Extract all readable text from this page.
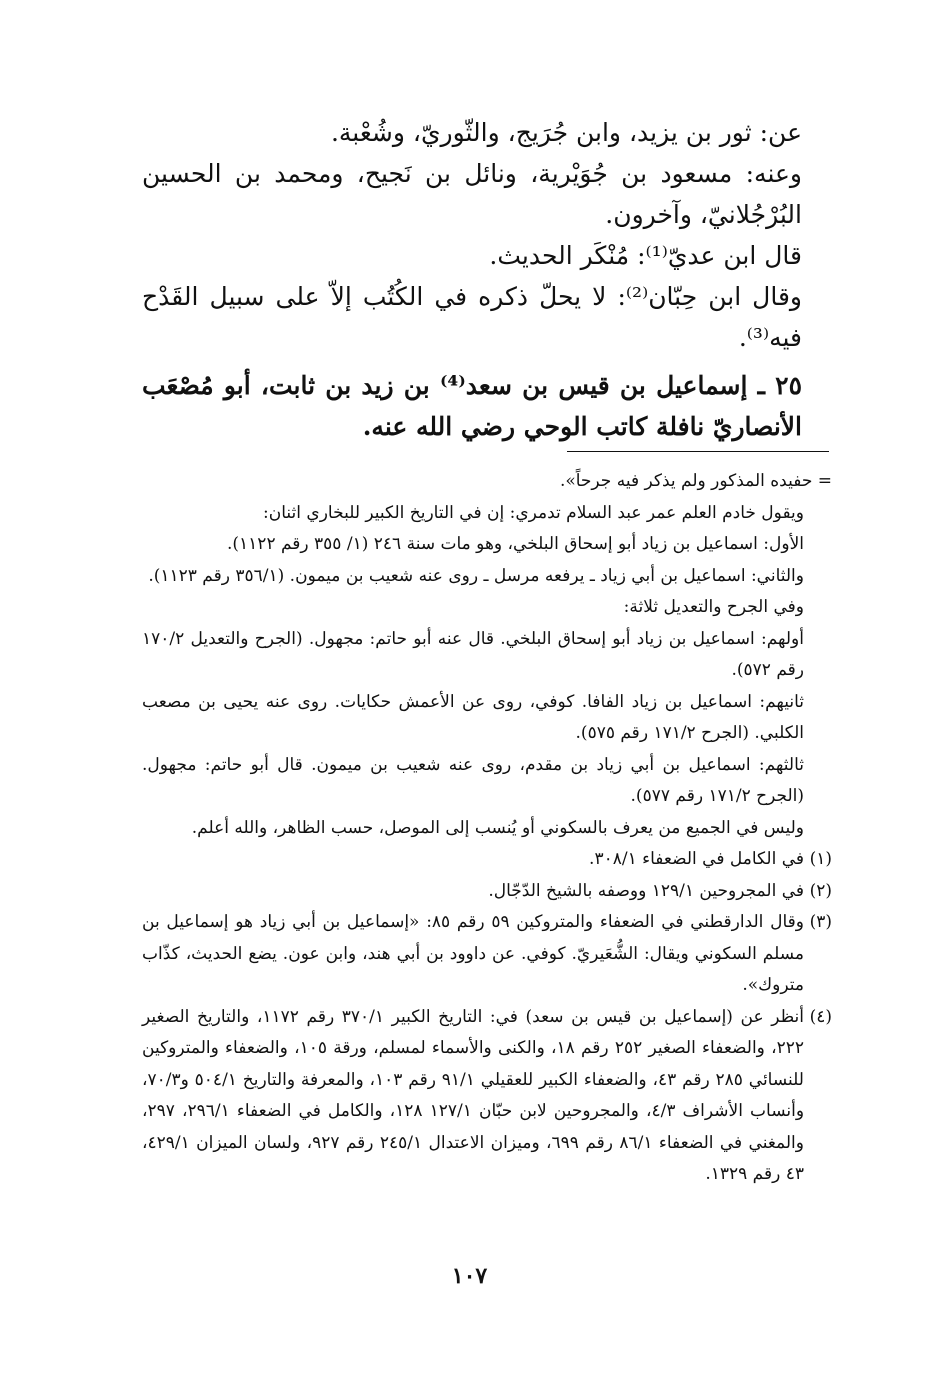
عن: ثور بن يزيد، وابن جُرَيج، والثّوريّ، وشُعْبة.

وعنه: مسعود بن جُوَيْرية، ونائل بن نَجيح، ومحمد بن الحسين البُرْجُلانيّ، وآخرون.

قال ابن عديّ⁽¹⁾: مُنْكَر الحديث.

وقال ابن حِبّان⁽²⁾: لا يحلّ ذكره في الكُتُب إلاّ على سبيل القَدْح فيه⁽³⁾.

٢٥ ـ إسماعيل بن قيس بن سعد⁽⁴⁾ بن زيد بن ثابت، أبو مُصْعَب الأنصاريّ نافلة كاتب الوحي رضي الله عنه.

= حفيده المذكور ولم يذكر فيه جرحاً».

ويقول خادم العلم عمر عبد السلام تدمري: إن في التاريخ الكبير للبخاري اثنان:

الأول: اسماعيل بن زياد أبو إسحاق البلخي، وهو مات سنة ٢٤٦ (١/ ٣٥٥ رقم ١١٢٢).

والثاني: اسماعيل بن أبي زياد ـ يرفعه مرسل ـ روى عنه شعيب بن ميمون. (٣٥٦/١ رقم ١١٢٣).

وفي الجرح والتعديل ثلاثة:

أولهم: اسماعيل بن زياد أبو إسحاق البلخي. قال عنه أبو حاتم: مجهول. (الجرح والتعديل ١٧٠/٢ رقم ٥٧٢).

ثانيهم: اسماعيل بن زياد الفافا. كوفي، روى عن الأعمش حكايات. روى عنه يحيى بن مصعب الكلبي. (الجرح ١٧١/٢ رقم ٥٧٥).

ثالثهم: اسماعيل بن أبي زياد بن مقدم، روى عنه شعيب بن ميمون. قال أبو حاتم: مجهول. (الجرح ١٧١/٢ رقم ٥٧٧).

وليس في الجميع من يعرف بالسكوني أو يُنسب إلى الموصل، حسب الظاهر، والله أعلم.

(١)
في الكامل في الضعفاء ٣٠٨/١.
(٢)
في المجروحين ١٢٩/١ ووصفه بالشيخ الدّجّال.
(٣)
وقال الدارقطني في الضعفاء والمتروكين ٥٩ رقم ٨٥: «إسماعيل بن أبي زياد هو إسماعيل بن مسلم السكوني ويقال: الشُّعَيريّ. كوفي. عن داوود بن أبي هند، وابن عون. يضع الحديث، كذّاب متروك».
(٤)
أنظر عن (إسماعيل بن قيس بن سعد) في: التاريخ الكبير ٣٧٠/١ رقم ١١٧٢، والتاريخ الصغير ٢٢٢، والضعفاء الصغير ٢٥٢ رقم ١٨، والكنى والأسماء لمسلم، ورقة ١٠٥، والضعفاء والمتروكين للنسائي ٢٨٥ رقم ٤٣، والضعفاء الكبير للعقيلي ٩١/١ رقم ١٠٣، والمعرفة والتاريخ ٥٠٤/١ و٧٠/٣، وأنساب الأشراف ٤/٣، والمجروحين لابن حبّان ١٢٧/١ ١٢٨، والكامل في الضعفاء ٢٩٦/١، ٢٩٧، والمغني في الضعفاء ٨٦/١ رقم ٦٩٩، وميزان الاعتدال ٢٤٥/١ رقم ٩٢٧، ولسان الميزان ٤٢٩/١، ٤٣ رقم ١٣٢٩.
١٠٧
